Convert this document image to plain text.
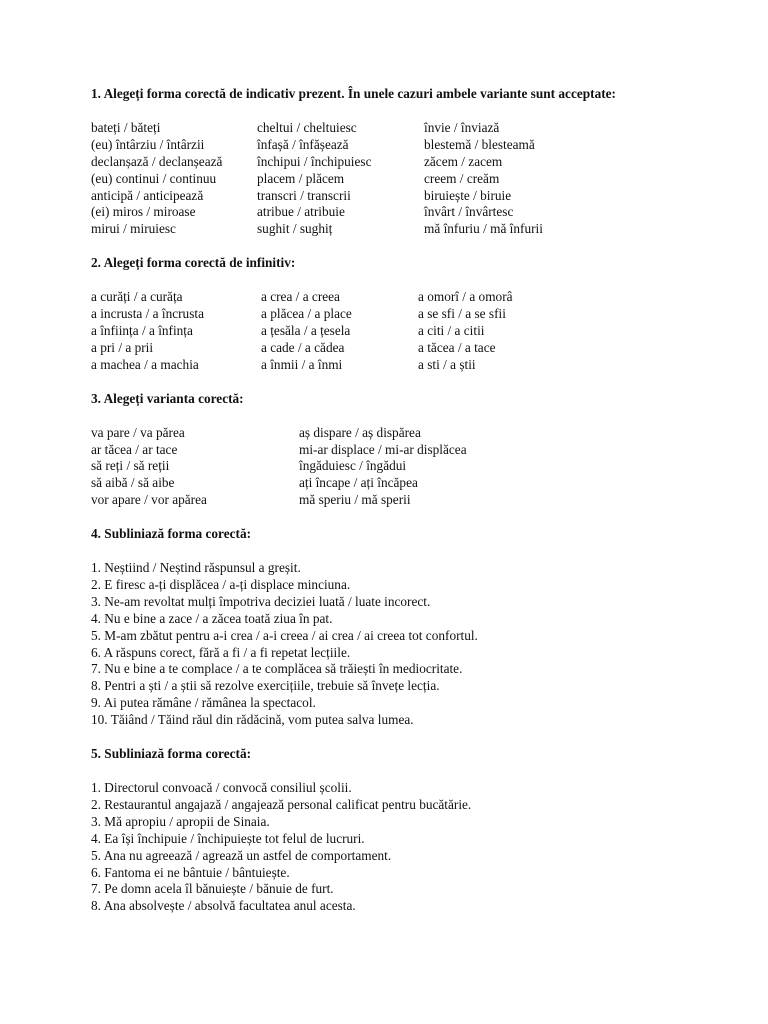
1. Alegeți forma corectă de indicativ prezent. În unele cazuri ambele variante sunt acceptate:
bateți / băteți	cheltui / cheltuiesc	învie / înviază
(eu) întârziu / întârzii	înfașă / înfășează	blestemă / blesteamă
declanșază / declanșează	închipui / închipuiesc	zăcem / zacem
(eu) continui / continuu	placem / plăcem	creem / creăm
anticipă / anticipează	transcri / transcrii	biruiește / biruie
(ei) miros / miroase	atribue / atribuie	învârt / învârtesc
mirui / miruiesc	sughit / sughiț	mă înfuriu / mă înfurii
2. Alegeți forma corectă de infinitiv:
a curăți / a curăța	a crea / a creea	a omorî / a omorâ
a incrusta / a încrusta	a plăcea / a place	a se sfi / a se sfii
a înființa / a înfința	a țesăla / a țesela	a citi / a citii
a pri / a prii	a cade / a cădea	a tăcea / a tace
a machea / a machia	a înmii / a înmi	a sti / a știi
3. Alegeți varianta corectă:
va pare / va părea	aș dispare / aș dispărea
ar tăcea / ar tace	mi-ar displace / mi-ar displăcea
să reți / să reții	îngăduiesc / îngădui
să aibă / să aibe	ați încape / ați încăpea
vor apare / vor apărea	mă speriu / mă sperii
4. Subliniază forma corectă:
1. Neștiind / Neștind răspunsul a greșit.
2. E firesc a-ți displăcea / a-ți displace minciuna.
3. Ne-am revoltat mulți împotriva deciziei luată / luate incorect.
4. Nu e bine a zace / a zăcea toată ziua în pat.
5. M-am zbătut pentru a-i crea / a-i creea / ai crea / ai creea tot confortul.
6. A răspuns corect, fără a fi / a fi repetat lecțiile.
7. Nu e bine a te complace / a te complăcea să trăiești în mediocritate.
8. Pentri a ști / a știi să rezolve exercițiile, trebuie să învețe lecția.
9. Ai putea rămâne / rămânea la spectacol.
10. Tăiând / Tăind răul din rădăcină, vom putea salva lumea.
5. Subliniază forma corectă:
1. Directorul convoacă / convocă consiliul școlii.
2. Restaurantul angajază / angajează personal calificat pentru bucătărie.
3. Mă apropiu / apropii de Sinaia.
4. Ea își închipuie / închipuiește tot felul de lucruri.
5. Ana nu agreează / agrează un astfel de comportament.
6. Fantoma ei ne bântuie / bântuiește.
7. Pe domn acela îl bănuiește / bănuie de furt.
8. Ana absolvește / absolvă facultatea anul acesta.
